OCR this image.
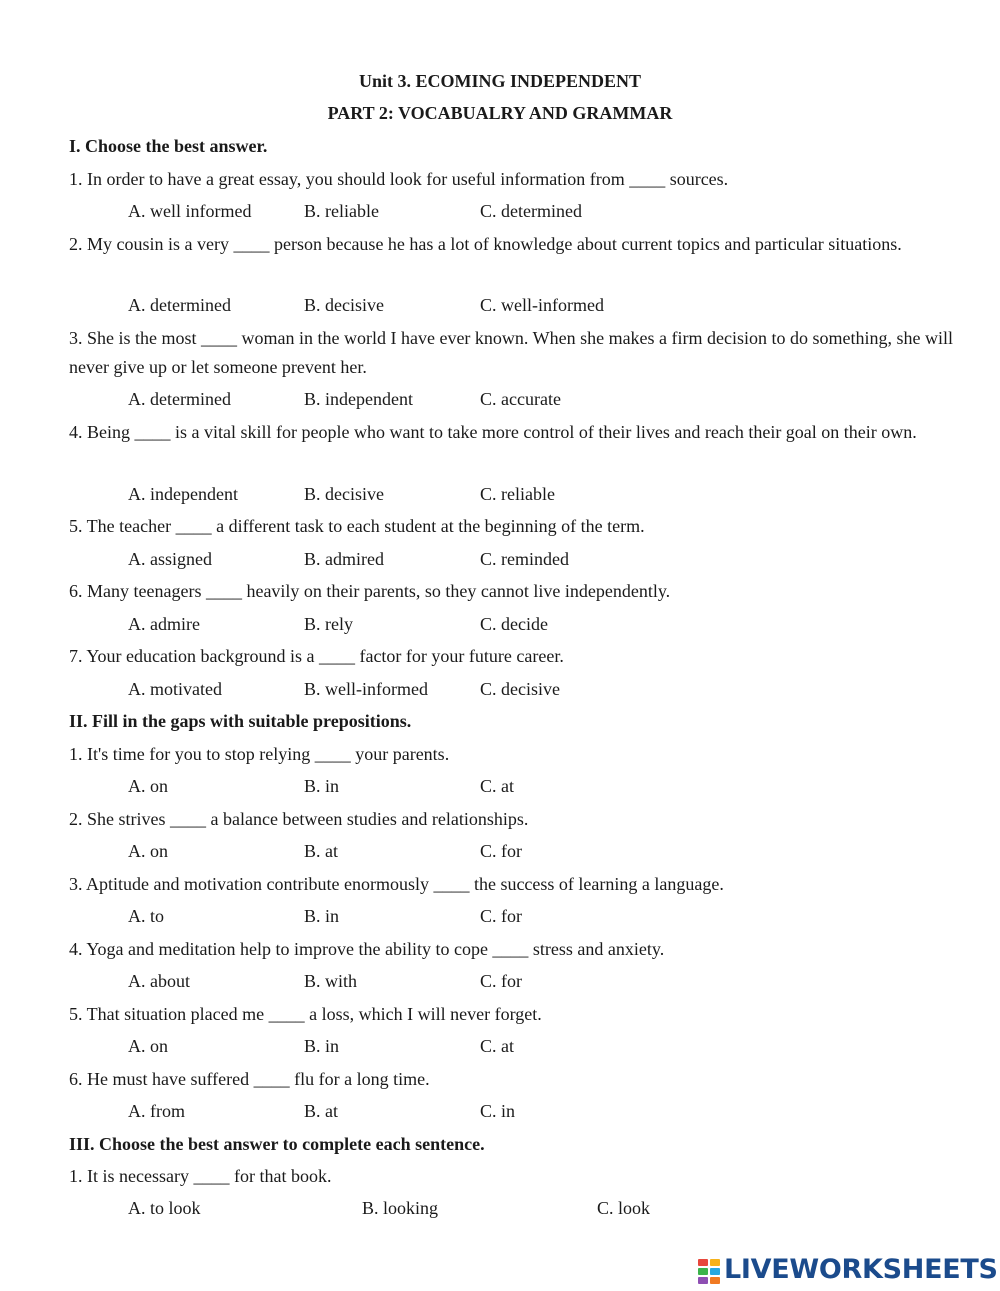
Unit 3. ECOMING INDEPENDENT
PART 2: VOCABUALRY AND GRAMMAR
I. Choose the best answer.
1. In order to have a great essay, you should look for useful information from ____ sources.
A. well informed	B. reliable	C. determined
2. My cousin is a very ____ person because he has a lot of knowledge about current topics and particular situations.
A. determined	B. decisive	C. well-informed
3. She is the most ____ woman in the world I have ever known. When she makes a firm decision to do something, she will never give up or let someone prevent her.
A. determined	B. independent	C. accurate
4. Being ____ is a vital skill for people who want to take more control of their lives and reach their goal on their own.
A. independent	B. decisive	C. reliable
5. The teacher ____ a different task to each student at the beginning of the term.
A. assigned	B. admired	C. reminded
6. Many teenagers ____ heavily on their parents, so they cannot live independently.
A. admire	B. rely	C. decide
7. Your education background is a ____ factor for your future career.
A. motivated	B. well-informed	C. decisive
II. Fill in the gaps with suitable prepositions.
1. It's time for you to stop relying ____ your parents.
A. on	B. in	C. at
2. She strives ____ a balance between studies and relationships.
A. on	B. at	C. for
3. Aptitude and motivation contribute enormously ____ the success of learning a language.
A. to	B. in	C. for
4. Yoga and meditation help to improve the ability to cope ____ stress and anxiety.
A. about	B. with	C. for
5. That situation placed me ____ a loss, which I will never forget.
A. on	B. in	C. at
6. He must have suffered ____ flu for a long time.
A. from	B. at	C. in
III. Choose the best answer to complete each sentence.
1. It is necessary ____ for that book.
A. to look	B. looking	C. look
LIVEWORKSHEETS
